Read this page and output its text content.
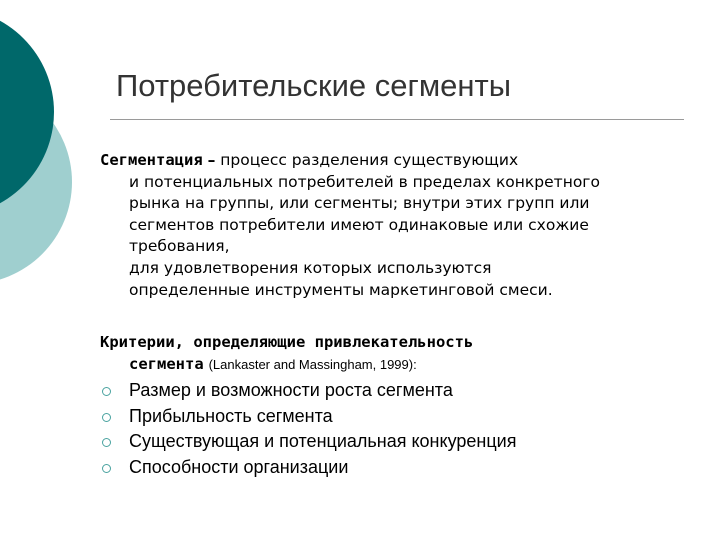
Потребительские сегменты
Сегментация – процесс разделения существующих
и потенциальных потребителей в пределах конкретного
рынка на группы, или сегменты; внутри этих групп или
сегментов потребители имеют одинаковые или схожие
требования,
для удовлетворения которых используются
определенные инструменты маркетинговой смеси.
Критерии, определяющие привлекательность
сегмента (Lankaster and Massingham, 1999):
Размер и возможности роста сегмента
Прибыльность сегмента
Существующая и потенциальная конкуренция
Способности организации
